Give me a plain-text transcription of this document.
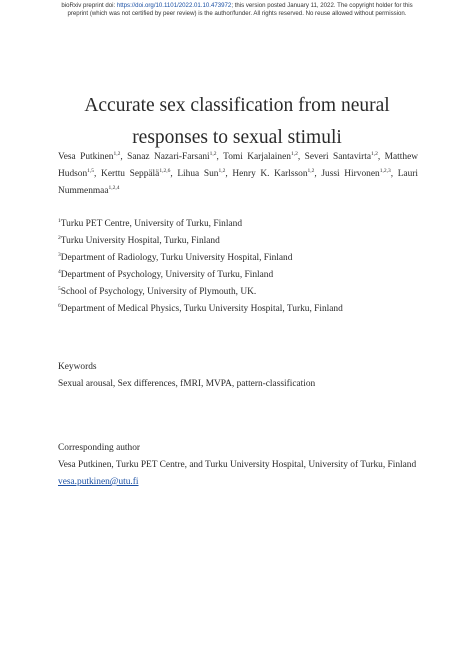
bioRxiv preprint doi: https://doi.org/10.1101/2022.01.10.473972; this version posted January 11, 2022. The copyright holder for this
preprint (which was not certified by peer review) is the author/funder. All rights reserved. No reuse allowed without permission.
Accurate sex classification from neural
responses to sexual stimuli
Vesa Putkinen$^{1,2}$, Sanaz Nazari-Farsani$^{1,2}$, Tomi Karjalainen$^{1,2}$, Severi Santavirta$^{1,2}$, Matthew Hudson$^{1,5}$, Kerttu Seppälä$^{1,2,6}$, Lihua Sun$^{1,2}$, Henry K. Karlsson$^{1,2}$, Jussi Hirvonen$^{1,2,3}$, Lauri Nummenmaa$^{1,2,4}$
$^1$Turku PET Centre, University of Turku, Finland
$^2$Turku University Hospital, Turku, Finland
$^3$Department of Radiology, Turku University Hospital, Finland
$^4$Department of Psychology, University of Turku, Finland
$^5$School of Psychology, University of Plymouth, UK.
$^6$Department of Medical Physics, Turku University Hospital, Turku, Finland
Keywords
Sexual arousal, Sex differences, fMRI, MVPA, pattern-classification
Corresponding author
Vesa Putkinen, Turku PET Centre, and Turku University Hospital, University of Turku, Finland
vesa.putkinen@utu.fi
